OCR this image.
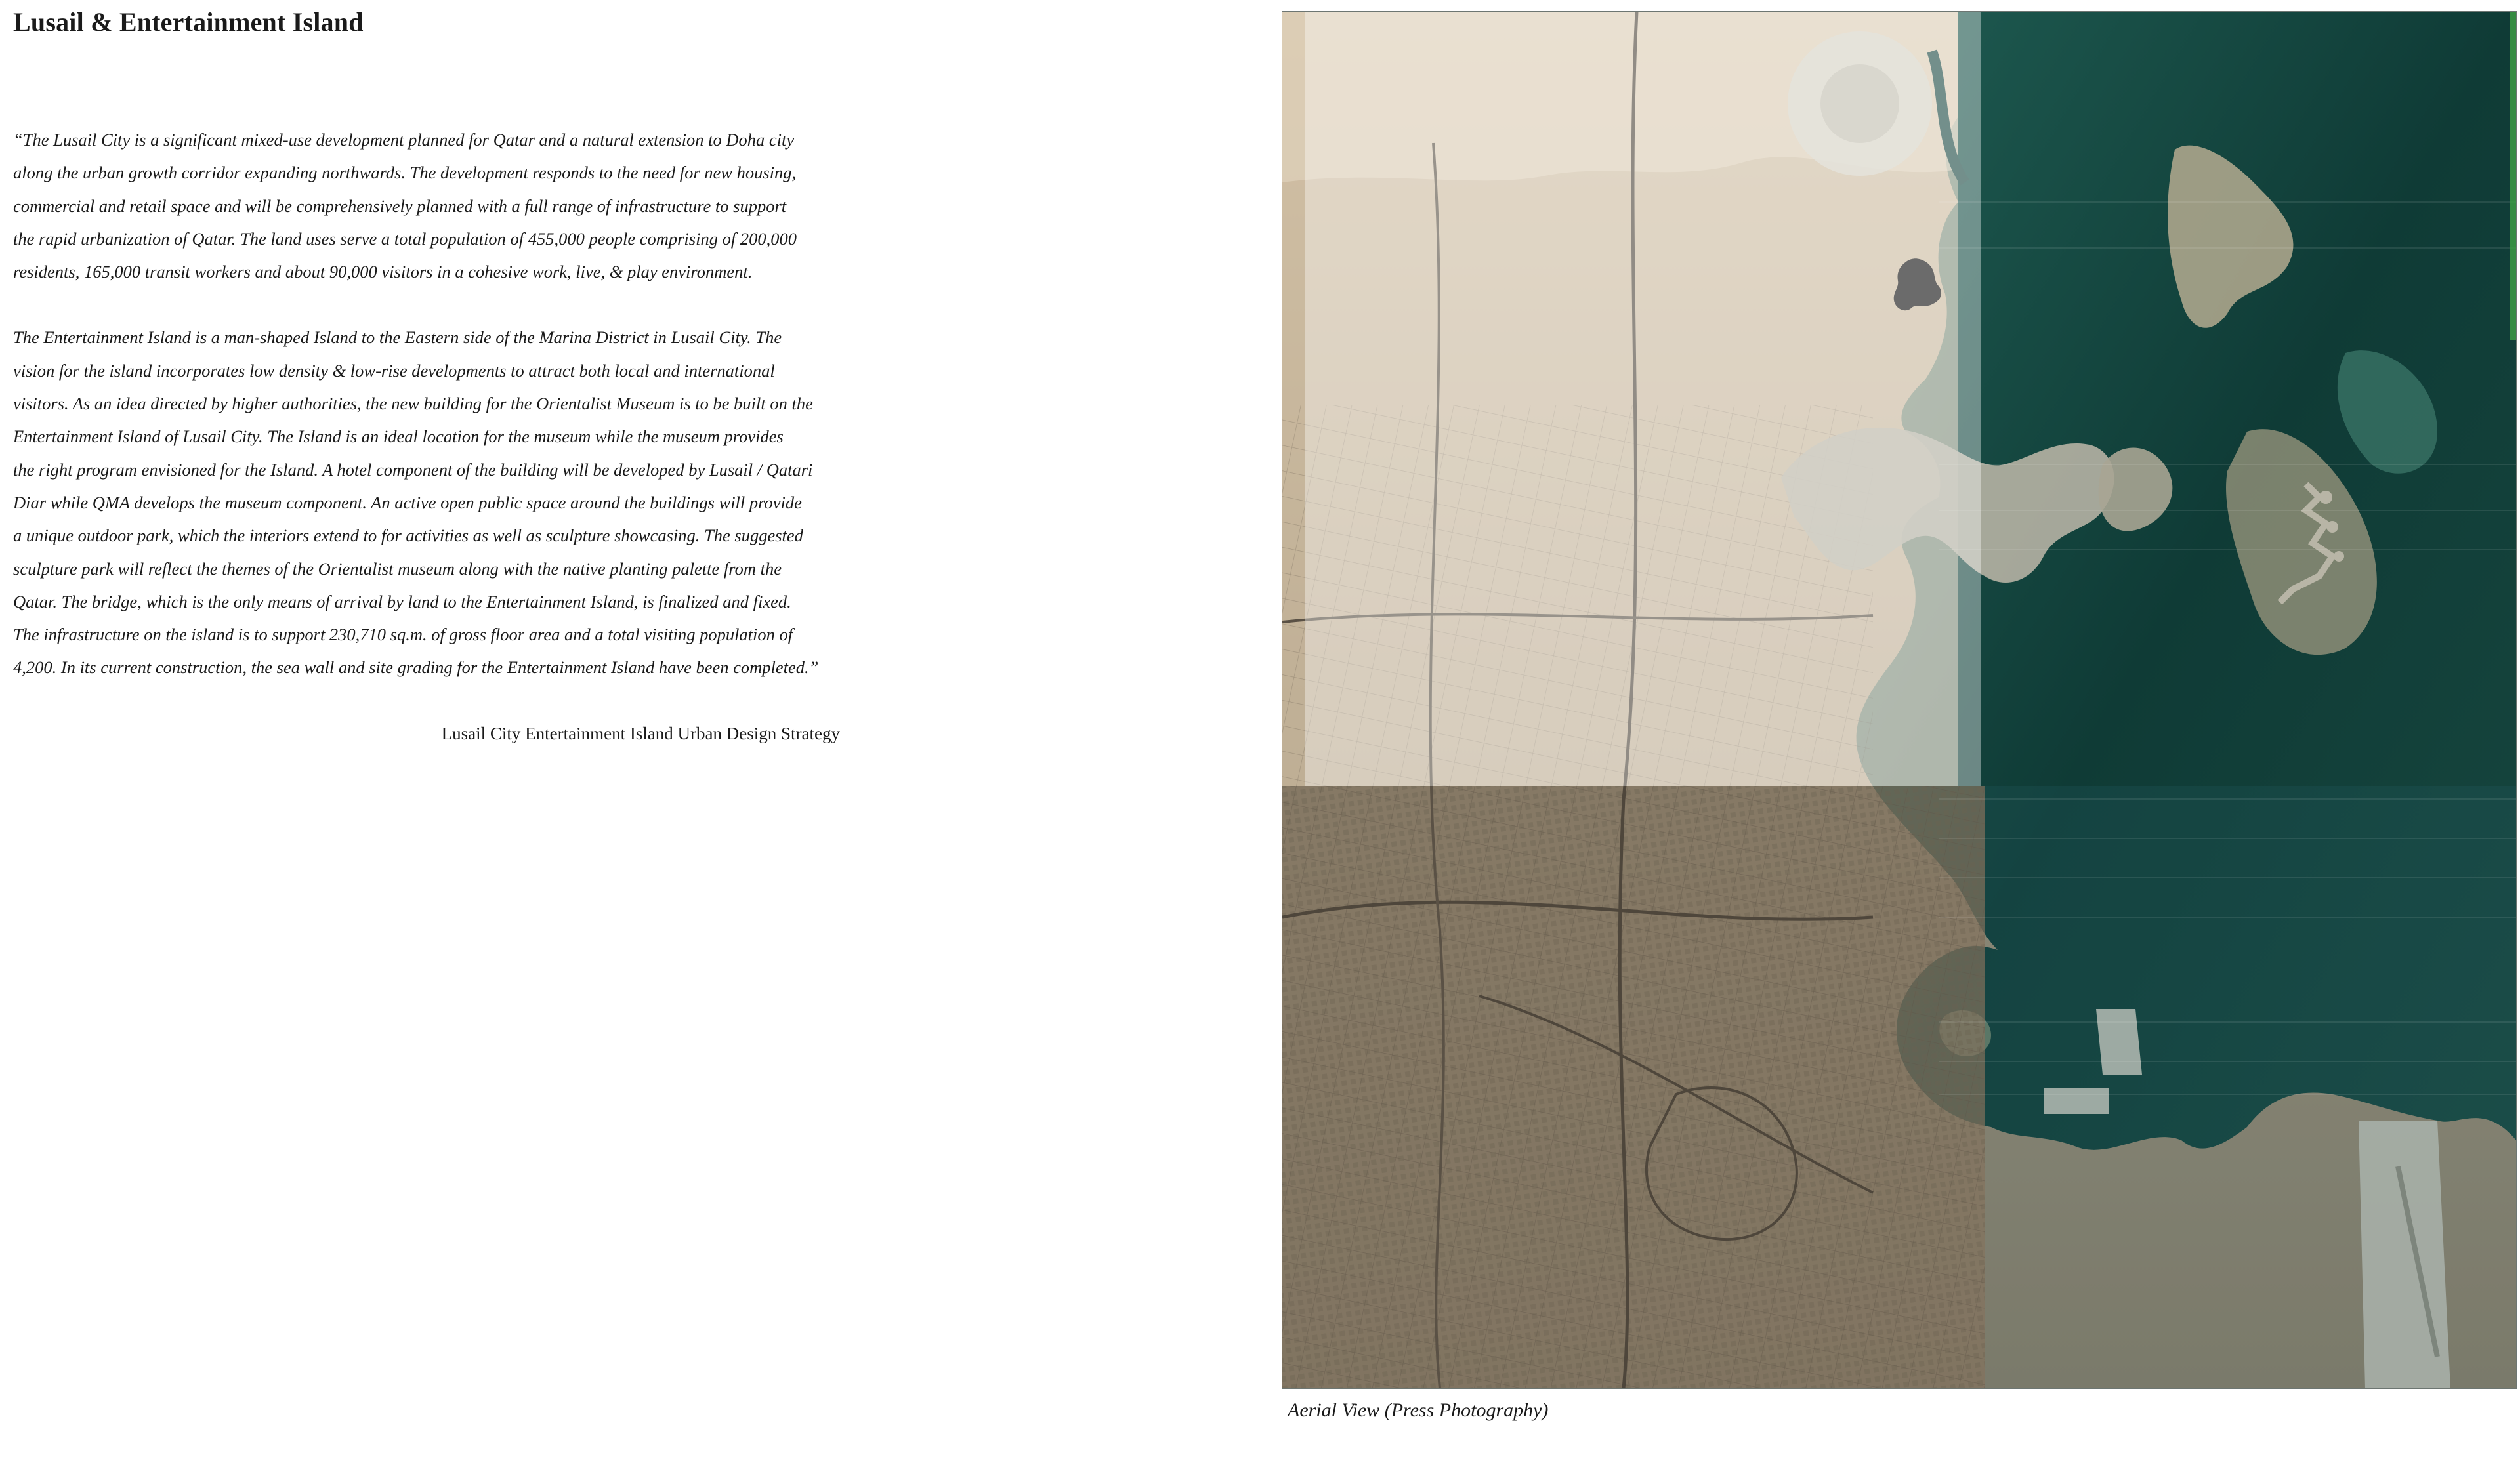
Lusail & Entertainment Island

“The Lusail City is a significant mixed-use development planned for Qatar and a natural extension to Doha city
along the urban growth corridor expanding northwards. The development responds to the need for new housing,
commercial and retail space and will be comprehensively planned with a full range of infrastructure to support
the rapid urbanization of Qatar. The land uses serve a total population of 455,000 people comprising of 200,000
residents, 165,000 transit workers and about 90,000 visitors in a cohesive work, live, & play environment.

The Entertainment Island is a man-shaped Island to the Eastern side of the Marina District in Lusail City. The
vision for the island incorporates low density & low-rise developments to attract both local and international
visitors. As an idea directed by higher authorities, the new building for the Orientalist Museum is to be built on the
Entertainment Island of Lusail City. The Island is an ideal location for the museum while the museum provides
the right program envisioned for the Island. A hotel component of the building will be developed by Lusail / Qatari
Diar while QMA develops the museum component. An active open public space around the buildings will provide
a unique outdoor park, which the interiors extend to for activities as well as sculpture showcasing. The suggested
sculpture park will reflect the themes of the Orientalist museum along with the native planting palette from the
Qatar. The bridge, which is the only means of arrival by land to the Entertainment Island, is finalized and fixed.
The infrastructure on the island is to support 230,710 sq.m. of gross floor area and a total visiting population of
4,200. In its current construction, the sea wall and site grading for the Entertainment Island have been completed.”

Lusail City Entertainment Island Urban Design Strategy
Aerial View (Press Photography)
